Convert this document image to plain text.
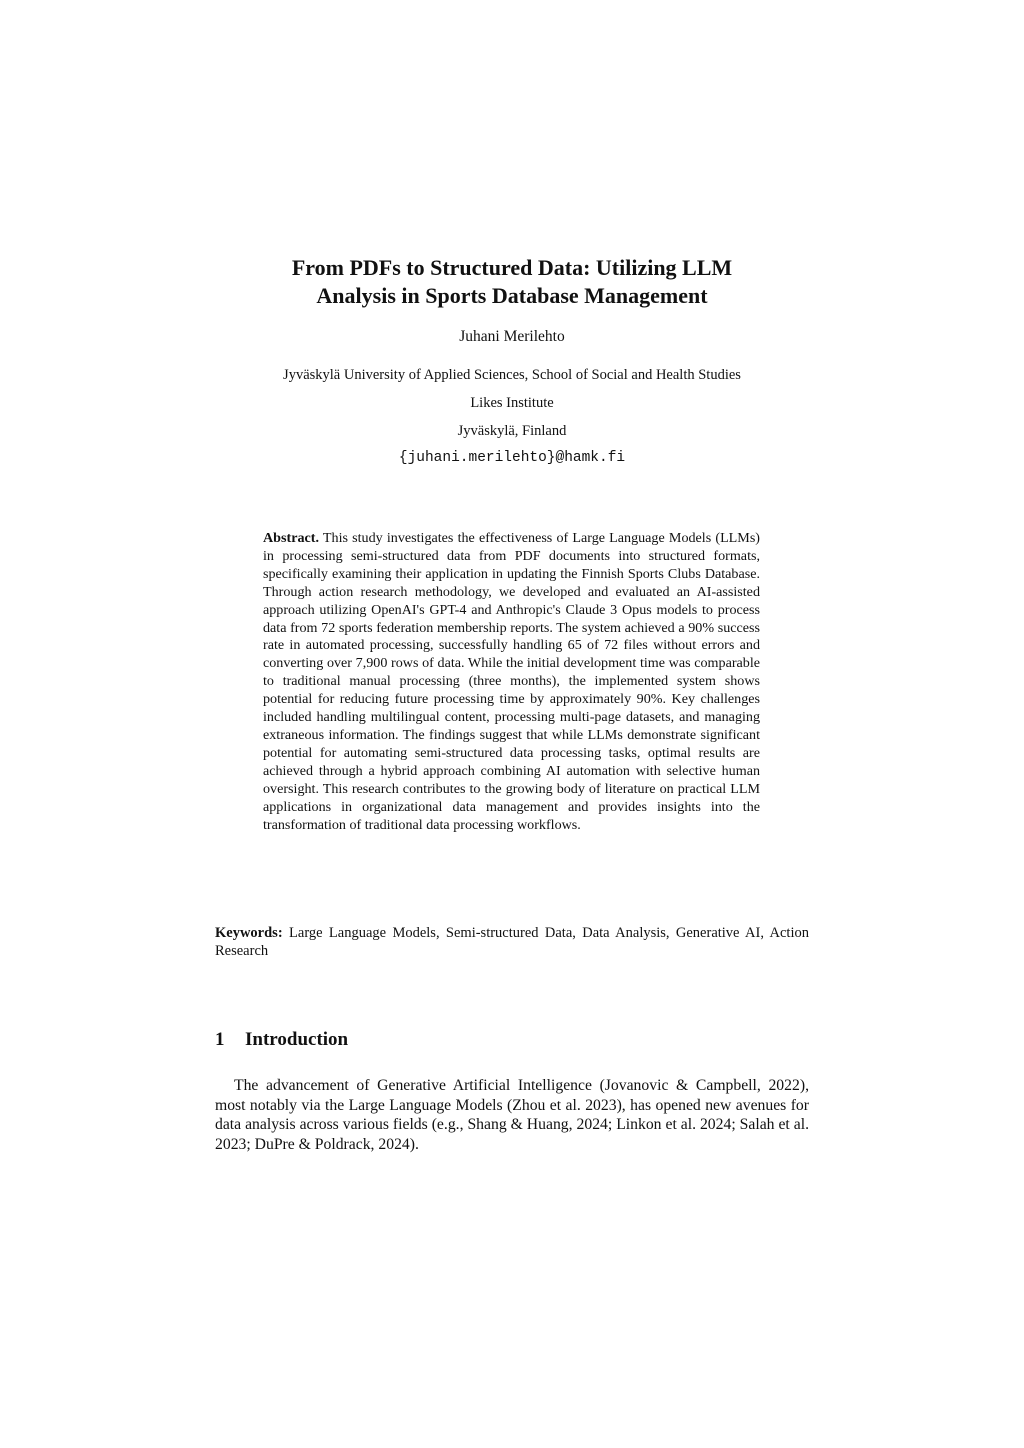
From PDFs to Structured Data: Utilizing LLM
Analysis in Sports Database Management

Juhani Merilehto

Jyväskylä University of Applied Sciences, School of Social and Health Studies

Likes Institute

Jyväskylä, Finland

{juhani.merilehto}@hamk.fi

Abstract. This study investigates the effectiveness of Large Language Models (LLMs) in processing semi-structured data from PDF documents into structured formats, specifically examining their application in updating the Finnish Sports Clubs Database. Through action research methodology, we developed and evaluated an AI-assisted approach utilizing OpenAI's GPT-4 and Anthropic's Claude 3 Opus models to process data from 72 sports federation membership reports. The system achieved a 90% success rate in automated processing, successfully handling 65 of 72 files without errors and converting over 7,900 rows of data. While the initial development time was comparable to traditional manual processing (three months), the implemented system shows potential for reducing future processing time by approximately 90%. Key challenges included handling multilingual content, processing multi-page datasets, and managing extraneous information. The findings suggest that while LLMs demonstrate significant potential for automating semi-structured data processing tasks, optimal results are achieved through a hybrid approach combining AI automation with selective human oversight. This research contributes to the growing body of literature on practical LLM applications in organizational data management and provides insights into the transformation of traditional data processing workflows.

Keywords: Large Language Models, Semi-structured Data, Data Analysis, Generative AI, Action Research

1 Introduction

The advancement of Generative Artificial Intelligence (Jovanovic & Campbell, 2022), most notably via the Large Language Models (Zhou et al. 2023), has opened new avenues for data analysis across various fields (e.g., Shang & Huang, 2024; Linkon et al. 2024; Salah et al. 2023; DuPre & Poldrack, 2024).
